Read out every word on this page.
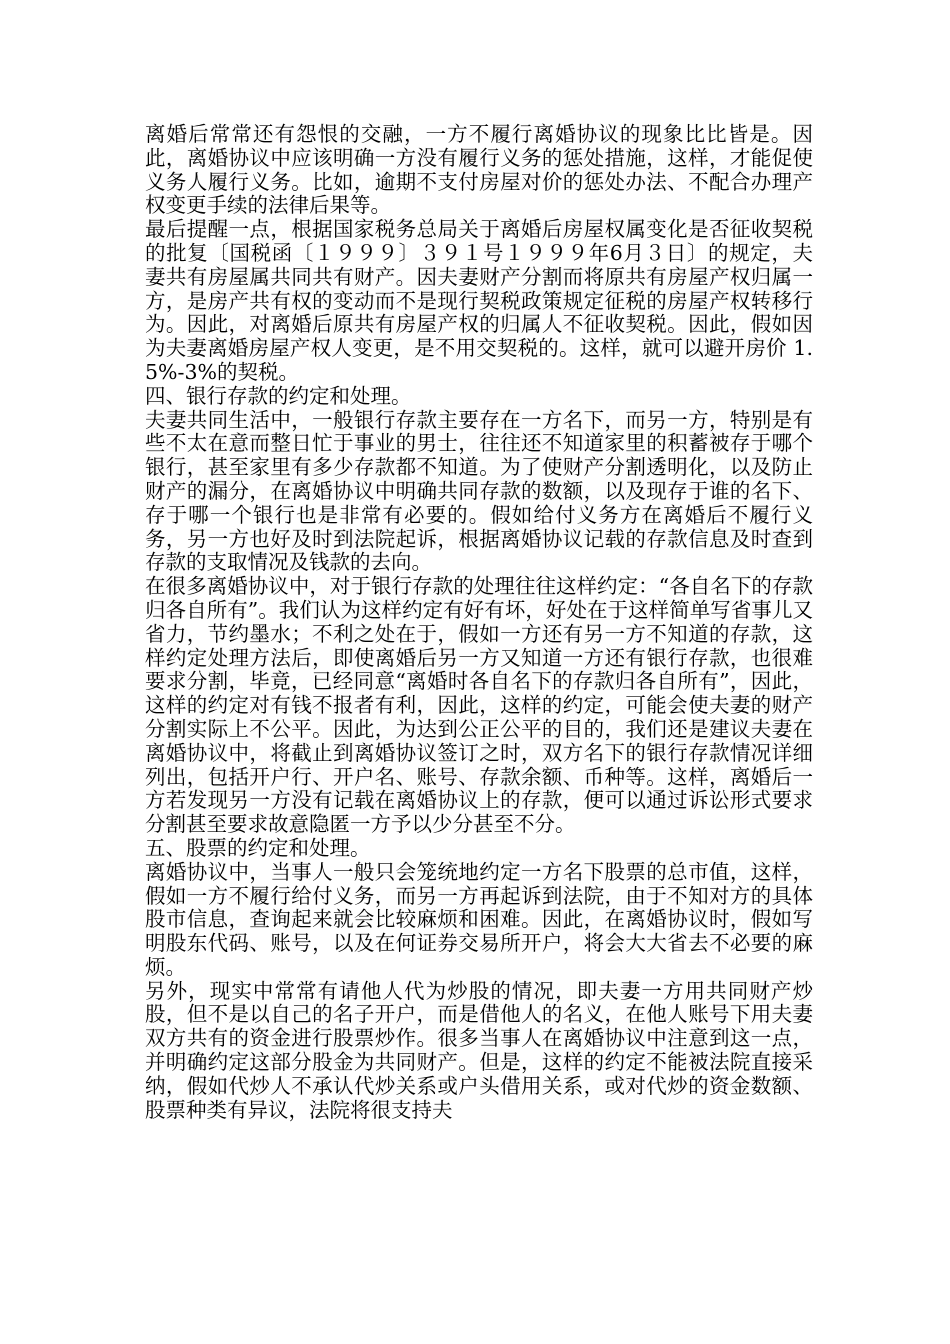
离婚后常常还有怨恨的交融，一方不履行离婚协议的现象比比皆是。因此，离婚协议中应该明确一方没有履行义务的惩处措施，这样，才能促使义务人履行义务。比如，逾期不支付房屋对价的惩处办法、不配合办理产权变更手续的法律后果等。

最后提醒一点，根据国家税务总局关于离婚后房屋权属变化是否征收契税的批复〔国税函〔１９９９〕３９１号１９９９年6月３日〕的规定，夫妻共有房屋属共同共有财产。因夫妻财产分割而将原共有房屋产权归属一方，是房产共有权的变动而不是现行契税政策规定征税的房屋产权转移行为。因此，对离婚后原共有房屋产权的归属人不征收契税。因此，假如因为夫妻离婚房屋产权人变更，是不用交契税的。这样，就可以避开房价 1.5%-3%的契税。

四、银行存款的约定和处理。

夫妻共同生活中，一般银行存款主要存在一方名下，而另一方，特别是有些不太在意而整日忙于事业的男士，往往还不知道家里的积蓄被存于哪个银行，甚至家里有多少存款都不知道。为了使财产分割透明化，以及防止财产的漏分，在离婚协议中明确共同存款的数额，以及现存于谁的名下、存于哪一个银行也是非常有必要的。假如给付义务方在离婚后不履行义务，另一方也好及时到法院起诉，根据离婚协议记载的存款信息及时查到存款的支取情况及钱款的去向。

在很多离婚协议中，对于银行存款的处理往往这样约定：“各自名下的存款归各自所有”。我们认为这样约定有好有坏，好处在于这样简单写省事儿又省力，节约墨水；不利之处在于，假如一方还有另一方不知道的存款，这样约定处理方法后，即使离婚后另一方又知道一方还有银行存款，也很难要求分割，毕竟，已经同意“离婚时各自名下的存款归各自所有”，因此，这样的约定对有钱不报者有利，因此，这样的约定，可能会使夫妻的财产分割实际上不公平。因此，为达到公正公平的目的，我们还是建议夫妻在离婚协议中，将截止到离婚协议签订之时，双方名下的银行存款情况详细列出，包括开户行、开户名、账号、存款余额、币种等。这样，离婚后一方若发现另一方没有记载在离婚协议上的存款，便可以通过诉讼形式要求分割甚至要求故意隐匿一方予以少分甚至不分。

五、股票的约定和处理。

离婚协议中，当事人一般只会笼统地约定一方名下股票的总市值，这样，假如一方不履行给付义务，而另一方再起诉到法院，由于不知对方的具体股市信息，查询起来就会比较麻烦和困难。因此，在离婚协议时，假如写明股东代码、账号，以及在何证券交易所开户，将会大大省去不必要的麻烦。

另外，现实中常常有请他人代为炒股的情况，即夫妻一方用共同财产炒股，但不是以自己的名子开户，而是借他人的名义，在他人账号下用夫妻双方共有的资金进行股票炒作。很多当事人在离婚协议中注意到这一点，并明确约定这部分股金为共同财产。但是，这样的约定不能被法院直接采纳，假如代炒人不承认代炒关系或户头借用关系，或对代炒的资金数额、股票种类有异议，法院将很支持夫
